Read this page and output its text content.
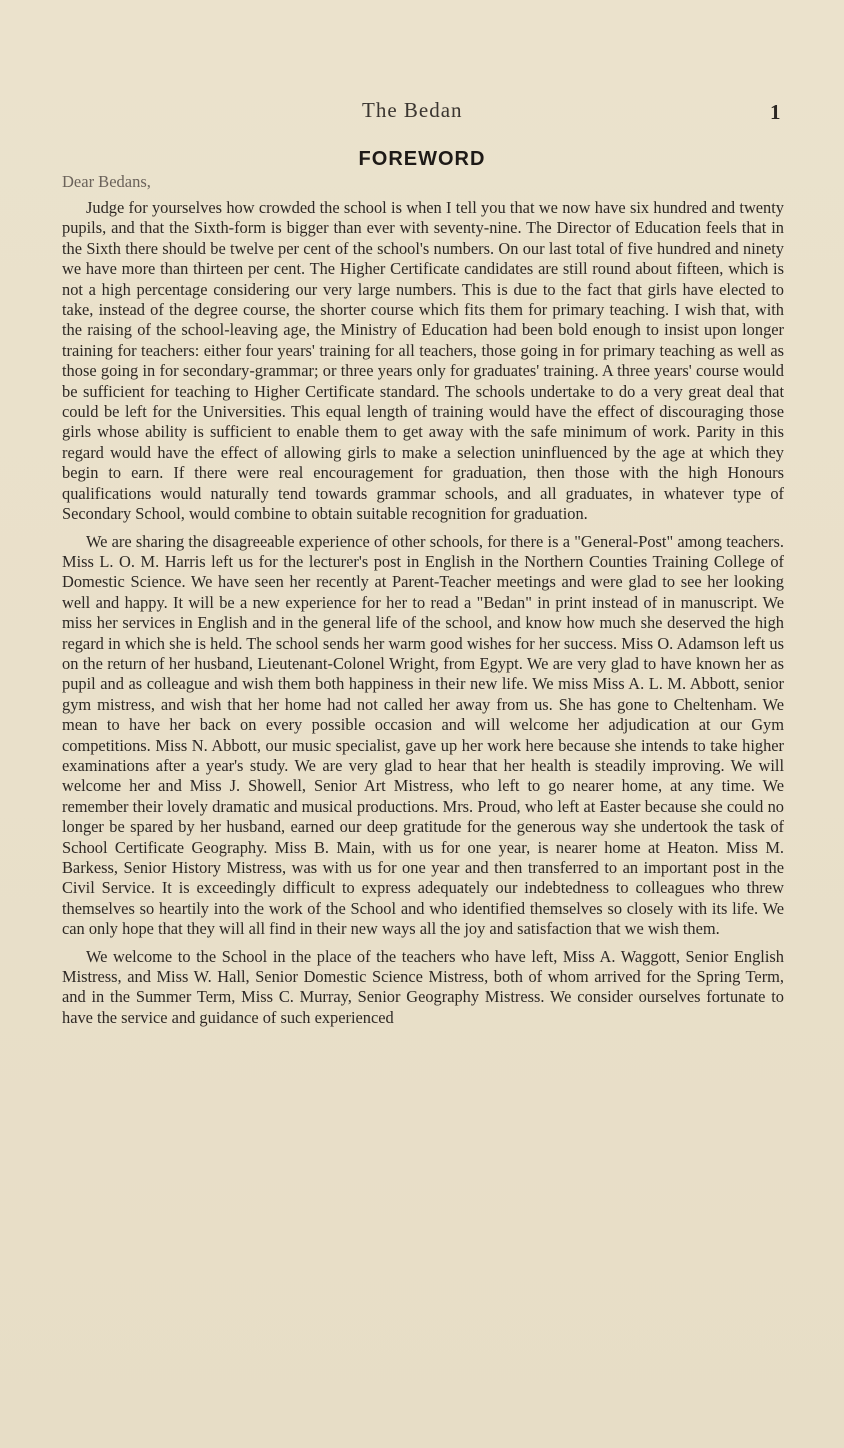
The Bedan	1
FOREWORD
Dear Bedans,

Judge for yourselves how crowded the school is when I tell you that we now have six hundred and twenty pupils, and that the Sixth-form is bigger than ever with seventy-nine. The Director of Education feels that in the Sixth there should be twelve per cent of the school's numbers. On our last total of five hundred and ninety we have more than thirteen per cent. The Higher Certificate candidates are still round about fifteen, which is not a high percentage considering our very large numbers. This is due to the fact that girls have elected to take, instead of the degree course, the shorter course which fits them for primary teaching. I wish that, with the raising of the school-leaving age, the Ministry of Education had been bold enough to insist upon longer training for teachers: either four years' training for all teachers, those going in for primary teaching as well as those going in for secondary-grammar; or three years only for graduates' training. A three years' course would be sufficient for teaching to Higher Certificate standard. The schools undertake to do a very great deal that could be left for the Universities. This equal length of training would have the effect of discouraging those girls whose ability is sufficient to enable them to get away with the safe minimum of work. Parity in this regard would have the effect of allowing girls to make a selection uninfluenced by the age at which they begin to earn. If there were real encouragement for graduation, then those with the high Honours qualifications would naturally tend towards grammar schools, and all graduates, in whatever type of Secondary School, would combine to obtain suitable recognition for graduation.

We are sharing the disagreeable experience of other schools, for there is a "General-Post" among teachers. Miss L. O. M. Harris left us for the lecturer's post in English in the Northern Counties Training College of Domestic Science. We have seen her recently at Parent-Teacher meetings and were glad to see her looking well and happy. It will be a new experience for her to read a "Bedan" in print instead of in manuscript. We miss her services in English and in the general life of the school, and know how much she deserved the high regard in which she is held. The school sends her warm good wishes for her success. Miss O. Adamson left us on the return of her husband, Lieutenant-Colonel Wright, from Egypt. We are very glad to have known her as pupil and as colleague and wish them both happiness in their new life. We miss Miss A. L. M. Abbott, senior gym mistress, and wish that her home had not called her away from us. She has gone to Cheltenham. We mean to have her back on every possible occasion and will welcome her adjudication at our Gym competitions. Miss N. Abbott, our music specialist, gave up her work here because she intends to take higher examinations after a year's study. We are very glad to hear that her health is steadily improving. We will welcome her and Miss J. Showell, Senior Art Mistress, who left to go nearer home, at any time. We remember their lovely dramatic and musical productions. Mrs. Proud, who left at Easter because she could no longer be spared by her husband, earned our deep gratitude for the generous way she undertook the task of School Certificate Geography. Miss B. Main, with us for one year, is nearer home at Heaton. Miss M. Barkess, Senior History Mistress, was with us for one year and then transferred to an important post in the Civil Service. It is exceedingly difficult to express adequately our indebtedness to colleagues who threw themselves so heartily into the work of the School and who identified themselves so closely with its life. We can only hope that they will all find in their new ways all the joy and satisfaction that we wish them.

We welcome to the School in the place of the teachers who have left, Miss A. Waggott, Senior English Mistress, and Miss W. Hall, Senior Domestic Science Mistress, both of whom arrived for the Spring Term, and in the Summer Term, Miss C. Murray, Senior Geography Mistress. We consider ourselves fortunate to have the service and guidance of such experienced
